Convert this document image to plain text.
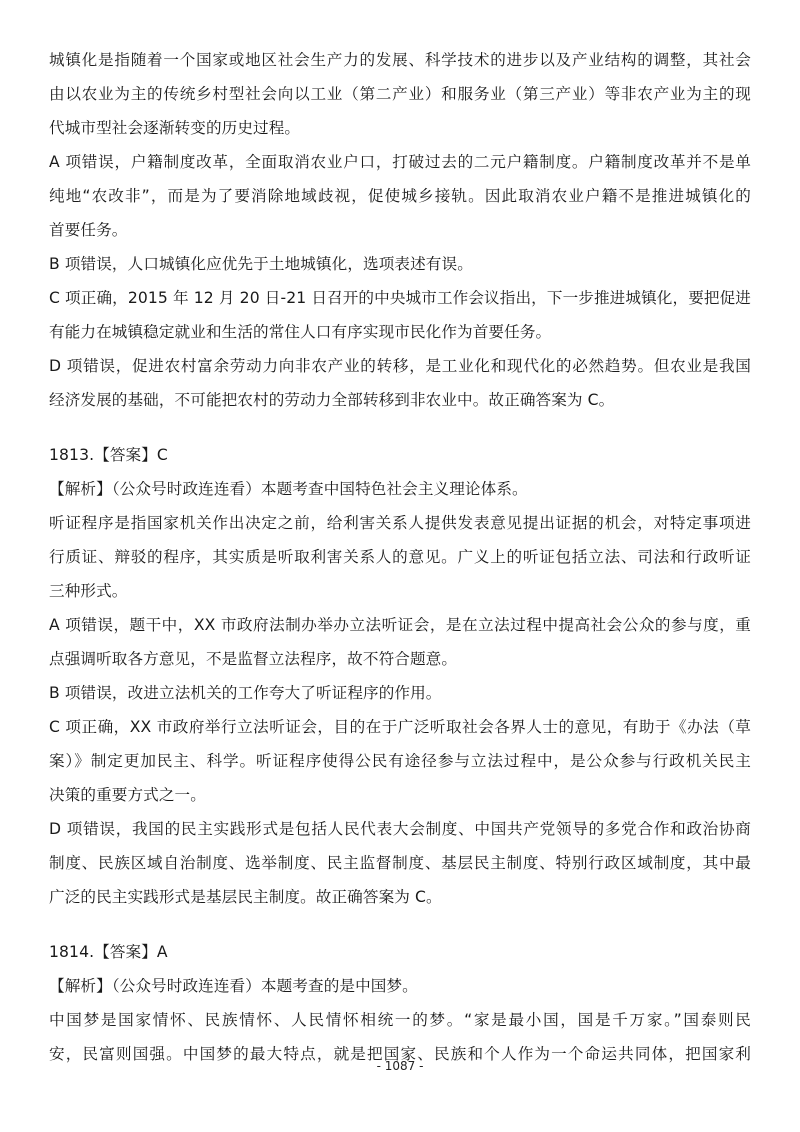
城镇化是指随着一个国家或地区社会生产力的发展、科学技术的进步以及产业结构的调整，其社会

由以农业为主的传统乡村型社会向以工业（第二产业）和服务业（第三产业）等非农产业为主的现

代城市型社会逐渐转变的历史过程。

A 项错误，户籍制度改革，全面取消农业户口，打破过去的二元户籍制度。户籍制度改革并不是单

纯地“农改非”，而是为了要消除地域歧视，促使城乡接轨。因此取消农业户籍不是推进城镇化的

首要任务。

B 项错误，人口城镇化应优先于土地城镇化，选项表述有误。

C 项正确，2015 年 12 月 20 日-21 日召开的中央城市工作会议指出，下一步推进城镇化，要把促进

有能力在城镇稳定就业和生活的常住人口有序实现市民化作为首要任务。

D 项错误，促进农村富余劳动力向非农产业的转移，是工业化和现代化的必然趋势。但农业是我国

经济发展的基础，不可能把农村的劳动力全部转移到非农业中。故正确答案为 C。

1813.【答案】C

【解析】（公众号时政连连看）本题考查中国特色社会主义理论体系。

听证程序是指国家机关作出决定之前，给利害关系人提供发表意见提出证据的机会，对特定事项进

行质证、辩驳的程序，其实质是听取利害关系人的意见。广义上的听证包括立法、司法和行政听证

三种形式。

A 项错误，题干中，XX 市政府法制办举办立法听证会，是在立法过程中提高社会公众的参与度，重

点强调听取各方意见，不是监督立法程序，故不符合题意。

B 项错误，改进立法机关的工作夸大了听证程序的作用。

C 项正确，XX 市政府举行立法听证会，目的在于广泛听取社会各界人士的意见，有助于《办法（草

案）》制定更加民主、科学。听证程序使得公民有途径参与立法过程中，是公众参与行政机关民主

决策的重要方式之一。

D 项错误，我国的民主实践形式是包括人民代表大会制度、中国共产党领导的多党合作和政治协商

制度、民族区域自治制度、选举制度、民主监督制度、基层民主制度、特别行政区域制度，其中最

广泛的民主实践形式是基层民主制度。故正确答案为 C。

1814.【答案】A

【解析】（公众号时政连连看）本题考查的是中国梦。

中国梦是国家情怀、民族情怀、人民情怀相统一的梦。“家是最小国，国是千万家。”国泰则民

安，民富则国强。中国梦的最大特点，就是把国家、民族和个人作为一个命运共同体，把国家利

- 1087 -
